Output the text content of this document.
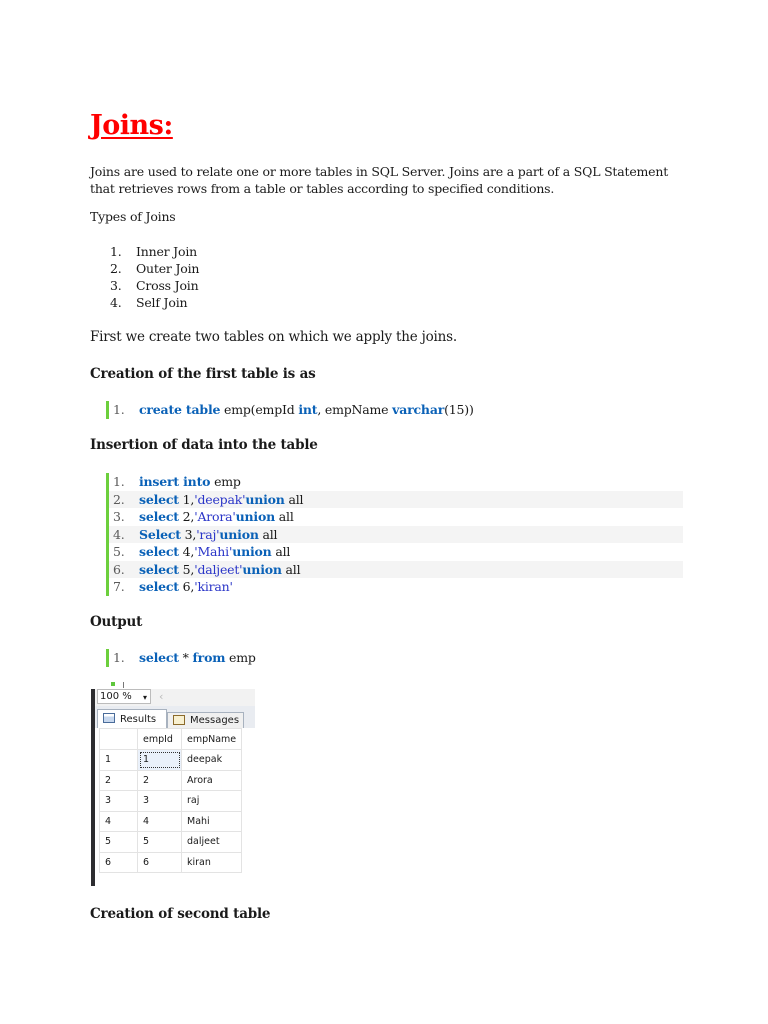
Joins:
Joins are used to relate one or more tables in SQL Server. Joins are a part of a SQL Statement that retrieves rows from a table or tables according to specified conditions.
Types of Joins
1. Inner Join
2. Outer Join
3. Cross Join
4. Self Join
First we create two tables on which we apply the joins.
Creation of the first table is as
1. create table emp(empId int, empName varchar(15))
Insertion of data into the table
1. insert into emp
2. select 1,'deepak'union all
3. select 2,'Arora'union all
4. Select 3,'raj'union all
5. select 4,'Mahi'union all
6. select 5,'daljeet'union all
7. select 6,'kiran'
Output
1. select * from emp
Creation of second table
100 %	▾ ‹
Results	Messages
	empId	empName
1	1	deepak
2	2	Arora
3	3	raj
4	4	Mahi
5	5	daljeet
6	6	kiran
